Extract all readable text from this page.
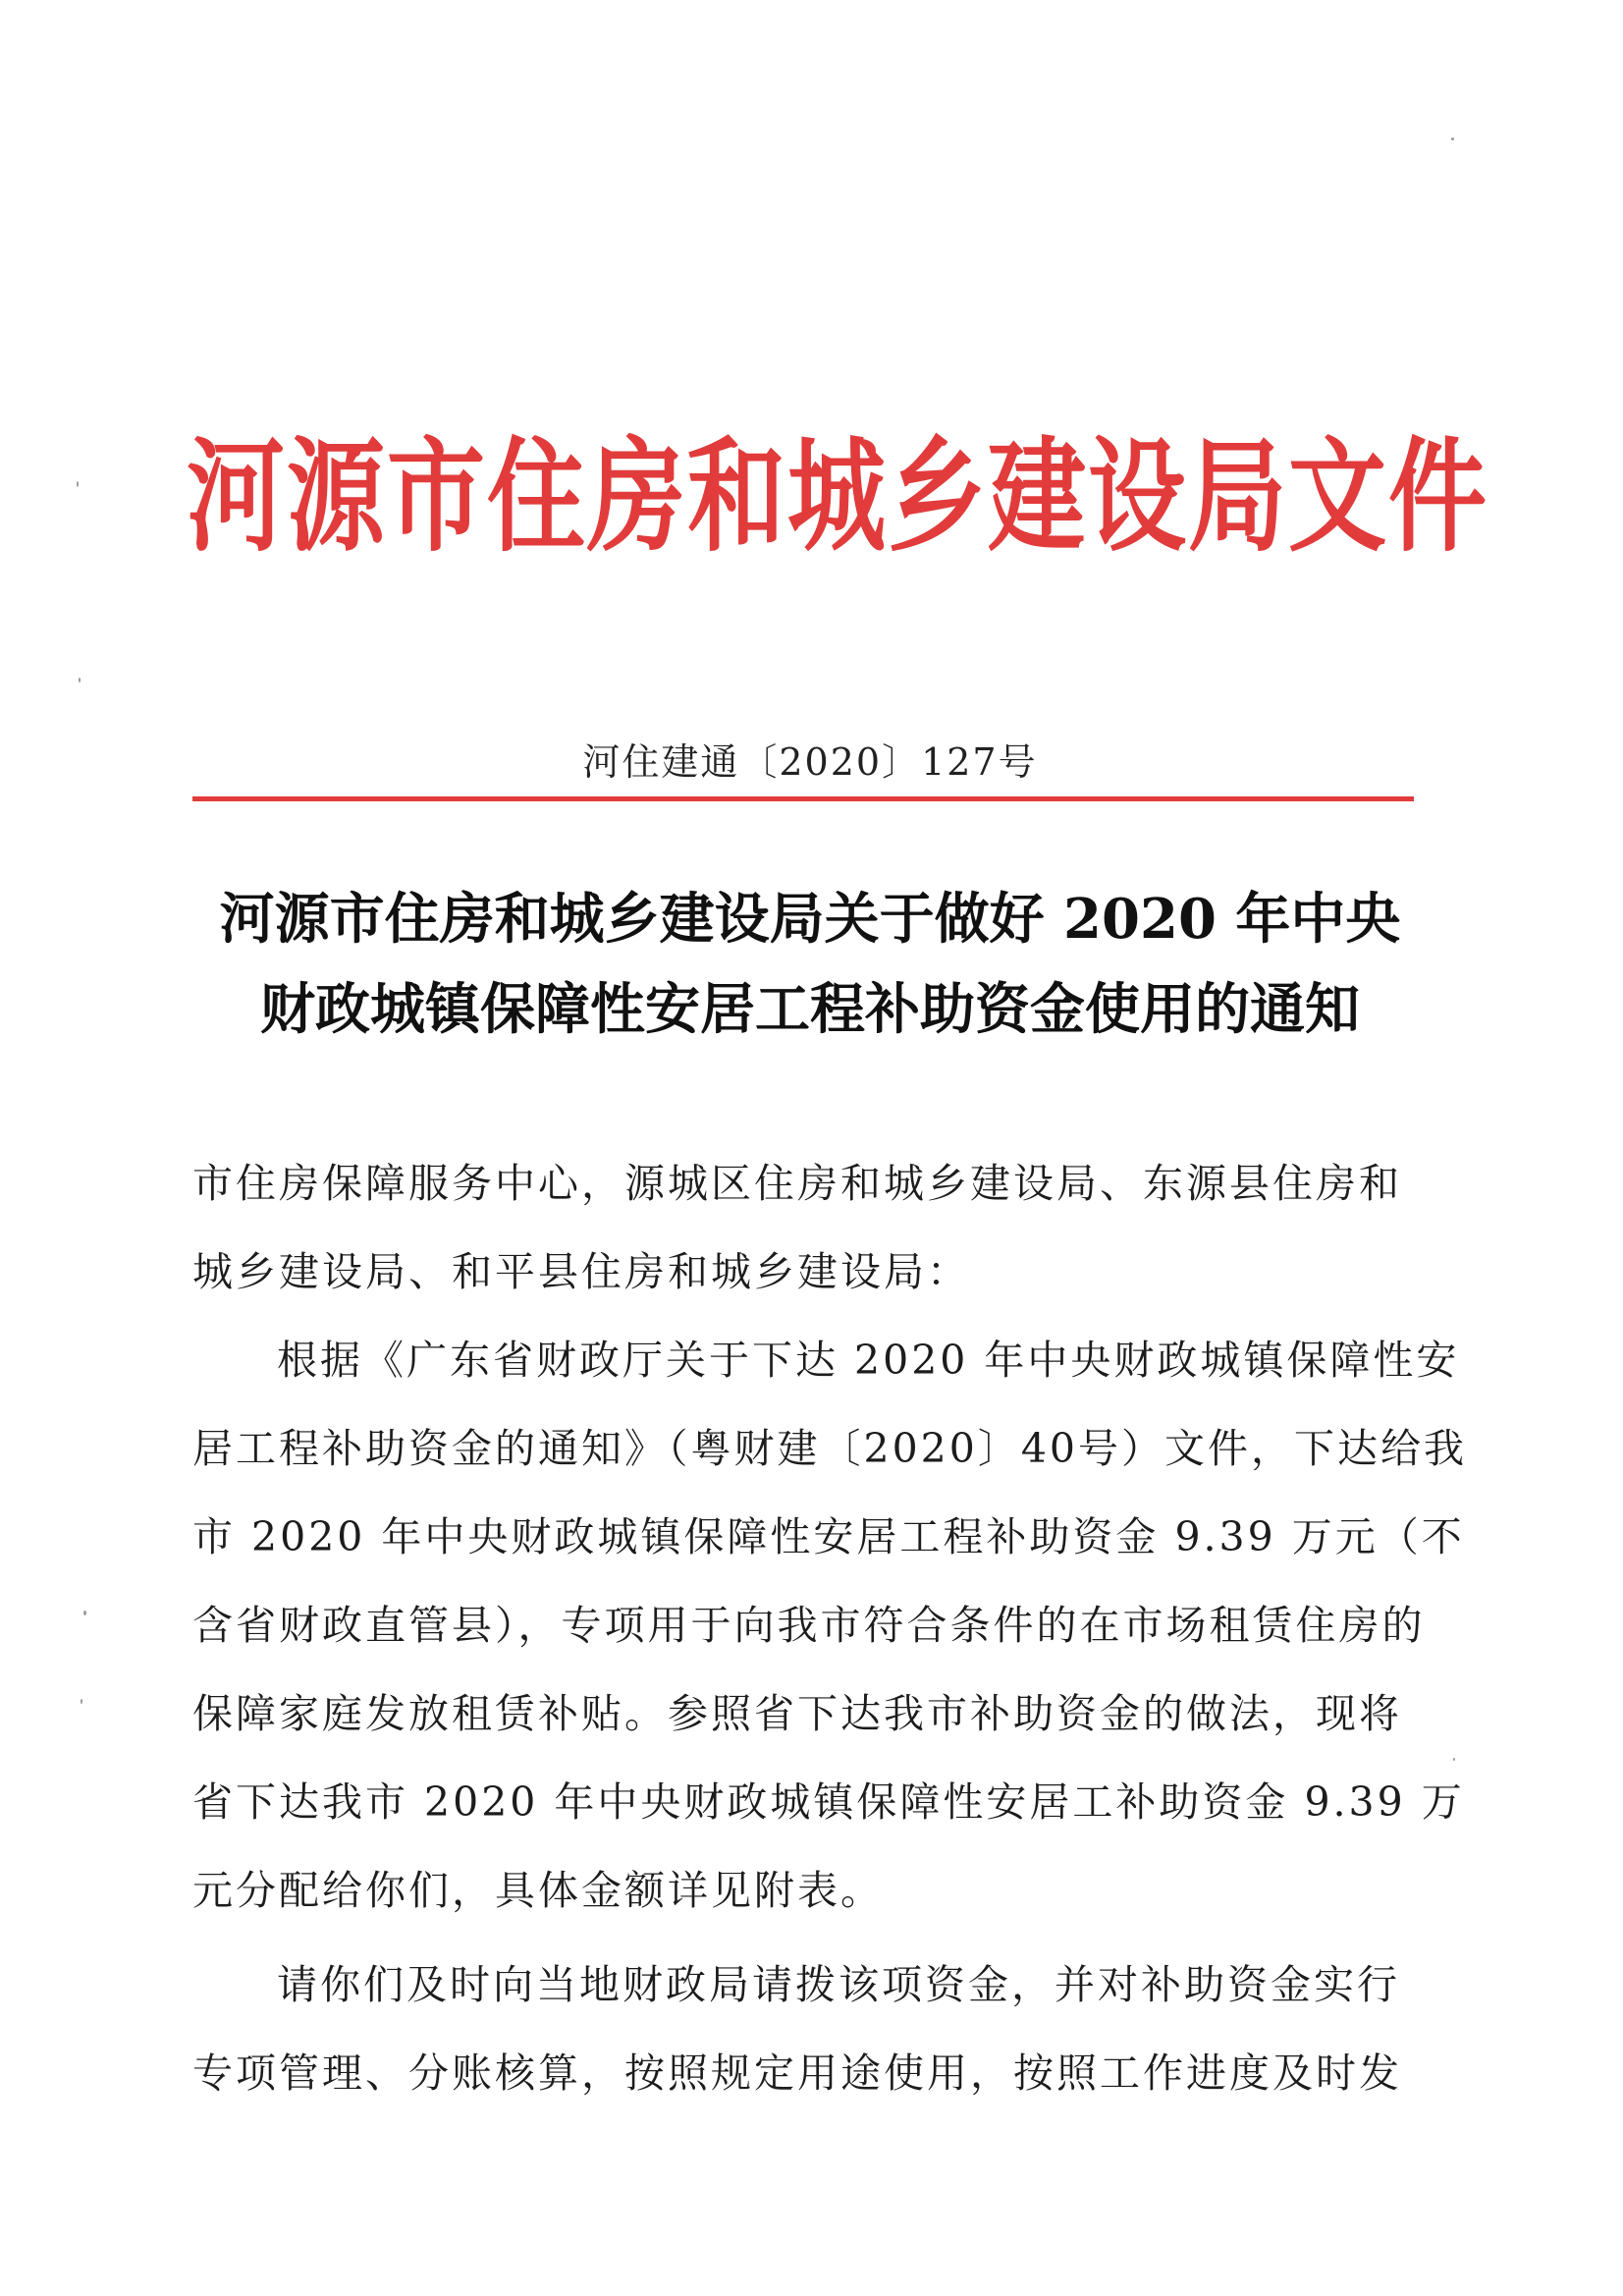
河源市住房和城乡建设局文件
河住建通〔2020〕127号
河源市住房和城乡建设局关于做好 2020 年中央
财政城镇保障性安居工程补助资金使用的通知
市住房保障服务中心，源城区住房和城乡建设局、东源县住房和
城乡建设局、和平县住房和城乡建设局：
根据《广东省财政厅关于下达 2020 年中央财政城镇保障性安
居工程补助资金的通知》（粤财建〔2020〕40号）文件，下达给我
市 2020 年中央财政城镇保障性安居工程补助资金 9.39 万元（不
含省财政直管县），专项用于向我市符合条件的在市场租赁住房的
保障家庭发放租赁补贴。参照省下达我市补助资金的做法，现将
省下达我市 2020 年中央财政城镇保障性安居工补助资金 9.39 万
元分配给你们，具体金额详见附表。
请你们及时向当地财政局请拨该项资金，并对补助资金实行
专项管理、分账核算，按照规定用途使用，按照工作进度及时发
